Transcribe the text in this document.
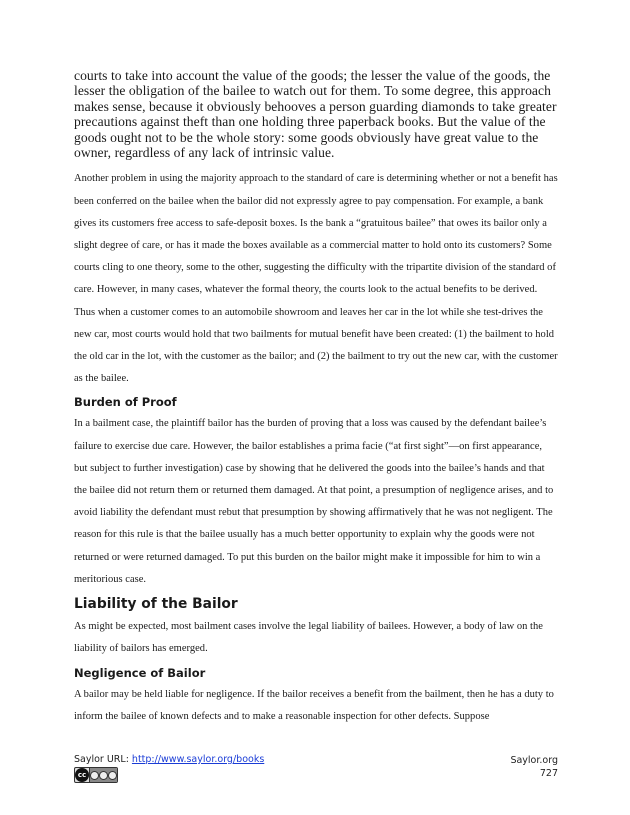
courts to take into account the value of the goods; the lesser the value of the goods, the lesser the obligation of the bailee to watch out for them. To some degree, this approach makes sense, because it obviously behooves a person guarding diamonds to take greater precautions against theft than one holding three paperback books. But the value of the goods ought not to be the whole story: some goods obviously have great value to the owner, regardless of any lack of intrinsic value.

Another problem in using the majority approach to the standard of care is determining whether or not a benefit has been conferred on the bailee when the bailor did not expressly agree to pay compensation. For example, a bank gives its customers free access to safe-deposit boxes. Is the bank a “gratuitous bailee” that owes its bailor only a slight degree of care, or has it made the boxes available as a commercial matter to hold onto its customers? Some courts cling to one theory, some to the other, suggesting the difficulty with the tripartite division of the standard of care. However, in many cases, whatever the formal theory, the courts look to the actual benefits to be derived. Thus when a customer comes to an automobile showroom and leaves her car in the lot while she test-drives the new car, most courts would hold that two bailments for mutual benefit have been created: (1) the bailment to hold the old car in the lot, with the customer as the bailor; and (2) the bailment to try out the new car, with the customer as the bailee.

Burden of Proof

In a bailment case, the plaintiff bailor has the burden of proving that a loss was caused by the defendant bailee’s failure to exercise due care. However, the bailor establishes a prima facie (“at first sight”—on first appearance, but subject to further investigation) case by showing that he delivered the goods into the bailee’s hands and that the bailee did not return them or returned them damaged. At that point, a presumption of negligence arises, and to avoid liability the defendant must rebut that presumption by showing affirmatively that he was not negligent. The reason for this rule is that the bailee usually has a much better opportunity to explain why the goods were not returned or were returned damaged. To put this burden on the bailor might make it impossible for him to win a meritorious case.

Liability of the Bailor

As might be expected, most bailment cases involve the legal liability of bailees. However, a body of law on the liability of bailors has emerged.

Negligence of Bailor

A bailor may be held liable for negligence. If the bailor receives a benefit from the bailment, then he has a duty to inform the bailee of known defects and to make a reasonable inspection for other defects. Suppose

Saylor URL: http://www.saylor.org/books
cc
Saylor.org
727
